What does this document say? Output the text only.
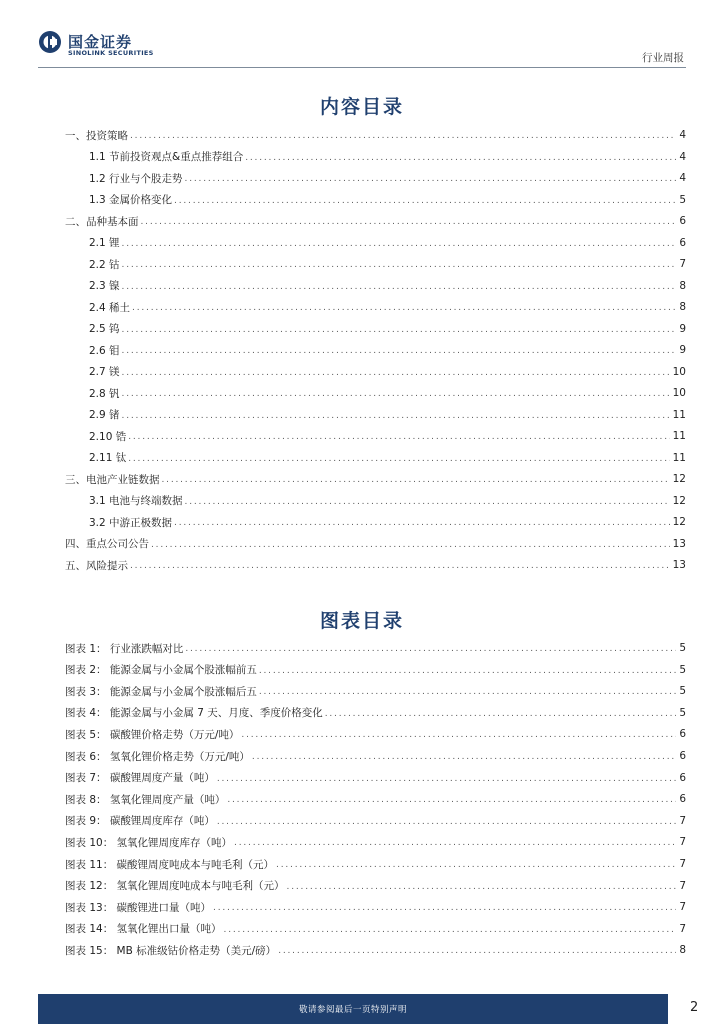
国金证券
SINOLINK SECURITIES	行业周报
内容目录
一、投资策略 .....	4
1.1 节前投资观点&重点推荐组合 .....	4
1.2 行业与个股走势 .....	4
1.3 金属价格变化 .....	5
二、品种基本面 .....	6
2.1 锂 .....	6
2.2 钴 .....	7
2.3 镍 .....	8
2.4 稀土 .....	8
2.5 钨 .....	9
2.6 钼 .....	9
2.7 镁 .....	10
2.8 钒 .....	10
2.9 锗 .....	11
2.10 锆 .....	11
2.11 钛 .....	11
三、电池产业链数据 .....	12
3.1 电池与终端数据 .....	12
3.2 中游正极数据 .....	12
四、重点公司公告 .....	13
五、风险提示 .....	13
图表目录
图表 1： 行业涨跌幅对比 .....	5
图表 2： 能源金属与小金属个股涨幅前五 .....	5
图表 3： 能源金属与小金属个股涨幅后五 .....	5
图表 4： 能源金属与小金属 7 天、月度、季度价格变化 .....	5
图表 5： 碳酸锂价格走势（万元/吨） .....	6
图表 6： 氢氧化锂价格走势（万元/吨） .....	6
图表 7： 碳酸锂周度产量（吨） .....	6
图表 8： 氢氧化锂周度产量（吨） .....	6
图表 9： 碳酸锂周度库存（吨） .....	7
图表 10： 氢氧化锂周度库存（吨） .....	7
图表 11： 碳酸锂周度吨成本与吨毛利（元） .....	7
图表 12： 氢氧化锂周度吨成本与吨毛利（元） .....	7
图表 13： 碳酸锂进口量（吨） .....	7
图表 14： 氢氧化锂出口量（吨） .....	7
图表 15： MB 标准级钴价格走势（美元/磅） .....	8
敬请参阅最后一页特别声明	2
